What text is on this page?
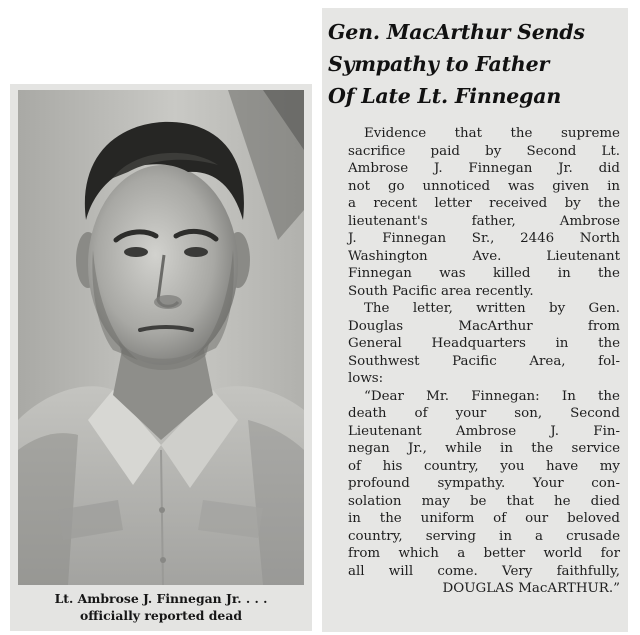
Lt. Ambrose J. Finnegan Jr. . . .
officially reported dead
Gen. MacArthur Sends
Sympathy to Father
Of Late Lt. Finnegan
Evidence that the supreme
sacrifice paid by Second Lt.
Ambrose J. Finnegan Jr. did
not go unnoticed was given in
a recent letter received by the
lieutenant's father, Ambrose
J. Finnegan Sr., 2446 North
Washington Ave. Lieutenant
Finnegan was killed in the
South Pacific area recently.
The letter, written by Gen.
Douglas MacArthur from
General Headquarters in the
Southwest Pacific Area, fol-
lows:
“Dear Mr. Finnegan: In the
death of your son, Second
Lieutenant Ambrose J. Fin-
negan Jr., while in the service
of his country, you have my
profound sympathy. Your con-
solation may be that he died
in the uniform of our beloved
country, serving in a crusade
from which a better world for
all will come. Very faithfully,
DOUGLAS MacARTHUR.”
